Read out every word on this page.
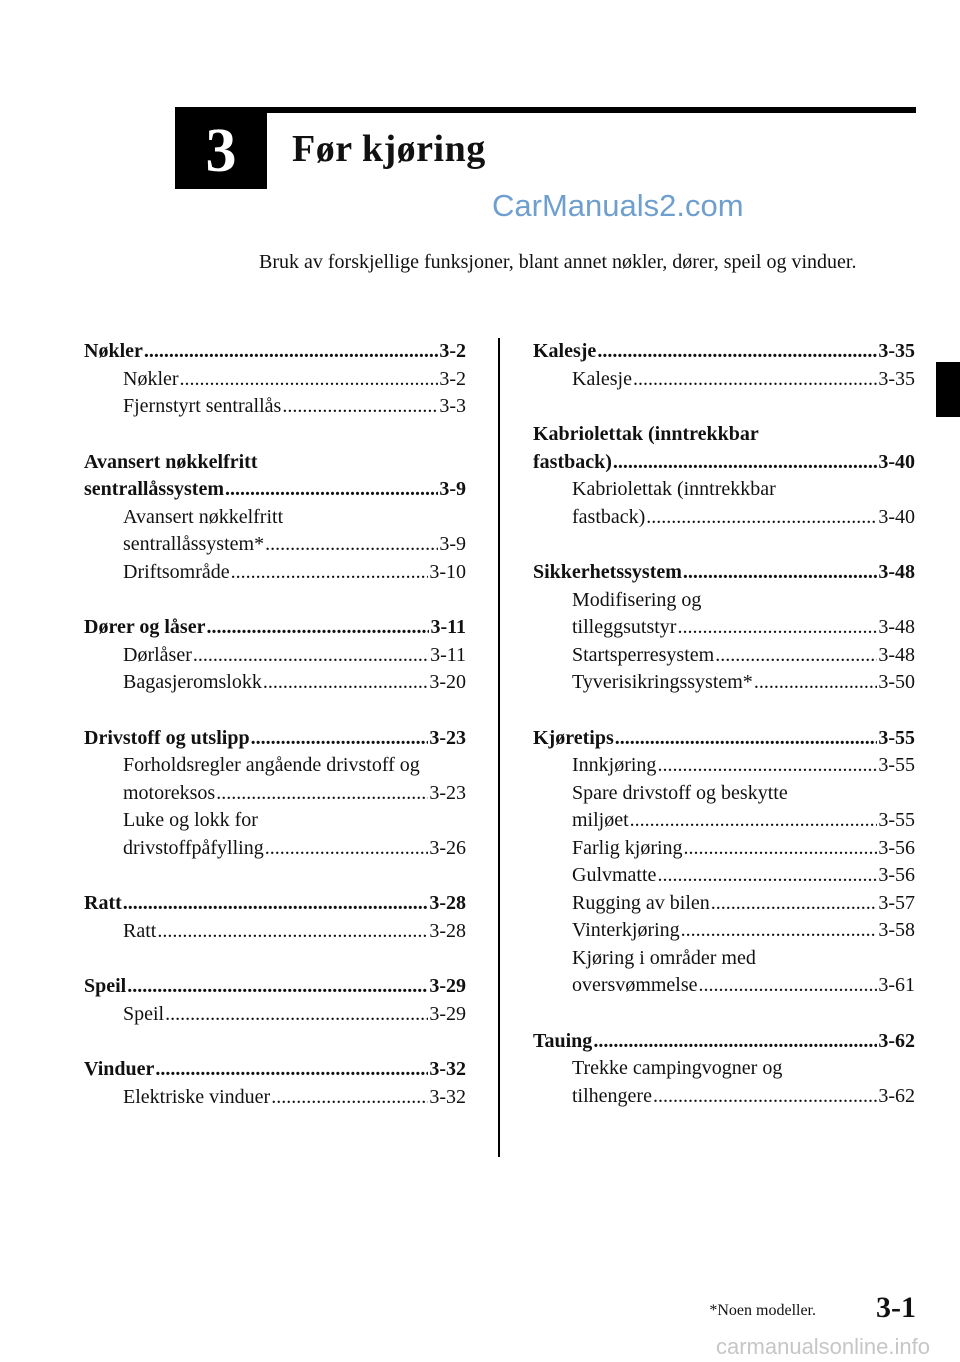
3	Før kjøring
CarManuals2.com
Bruk av forskjellige funksjoner, blant annet nøkler, dører, speil og vinduer.
Nøkler .....	3-2
Nøkler .....	3-2
Fjernstyrt sentrallås .....	3-3
Avansert nøkkelfritt
sentrallåssystem .....	3-9
Avansert nøkkelfritt
sentrallåssystem* .....	3-9
Driftsområde .....	3-10
Dører og låser .....	3-11
Dørlåser .....	3-11
Bagasjeromslokk .....	3-20
Drivstoff og utslipp .....	3-23
Forholdsregler angående drivstoff og
motoreksos .....	3-23
Luke og lokk for
drivstoffpåfylling .....	3-26
Ratt .....	3-28
Ratt .....	3-28
Speil .....	3-29
Speil .....	3-29
Vinduer .....	3-32
Elektriske vinduer .....	3-32
Kalesje .....	3-35
Kalesje .....	3-35
Kabriolettak (inntrekkbar
fastback) .....	3-40
Kabriolettak (inntrekkbar
fastback) .....	3-40
Sikkerhetssystem .....	3-48
Modifisering og
tilleggsutstyr .....	3-48
Startsperresystem .....	3-48
Tyverisikringssystem* .....	3-50
Kjøretips .....	3-55
Innkjøring .....	3-55
Spare drivstoff og beskytte
miljøet .....	3-55
Farlig kjøring .....	3-56
Gulvmatte .....	3-56
Rugging av bilen .....	3-57
Vinterkjøring .....	3-58
Kjøring i områder med
oversvømmelse .....	3-61
Tauing .....	3-62
Trekke campingvogner og
tilhengere .....	3-62
*Noen modeller. 3-1
carmanualsonline.info
